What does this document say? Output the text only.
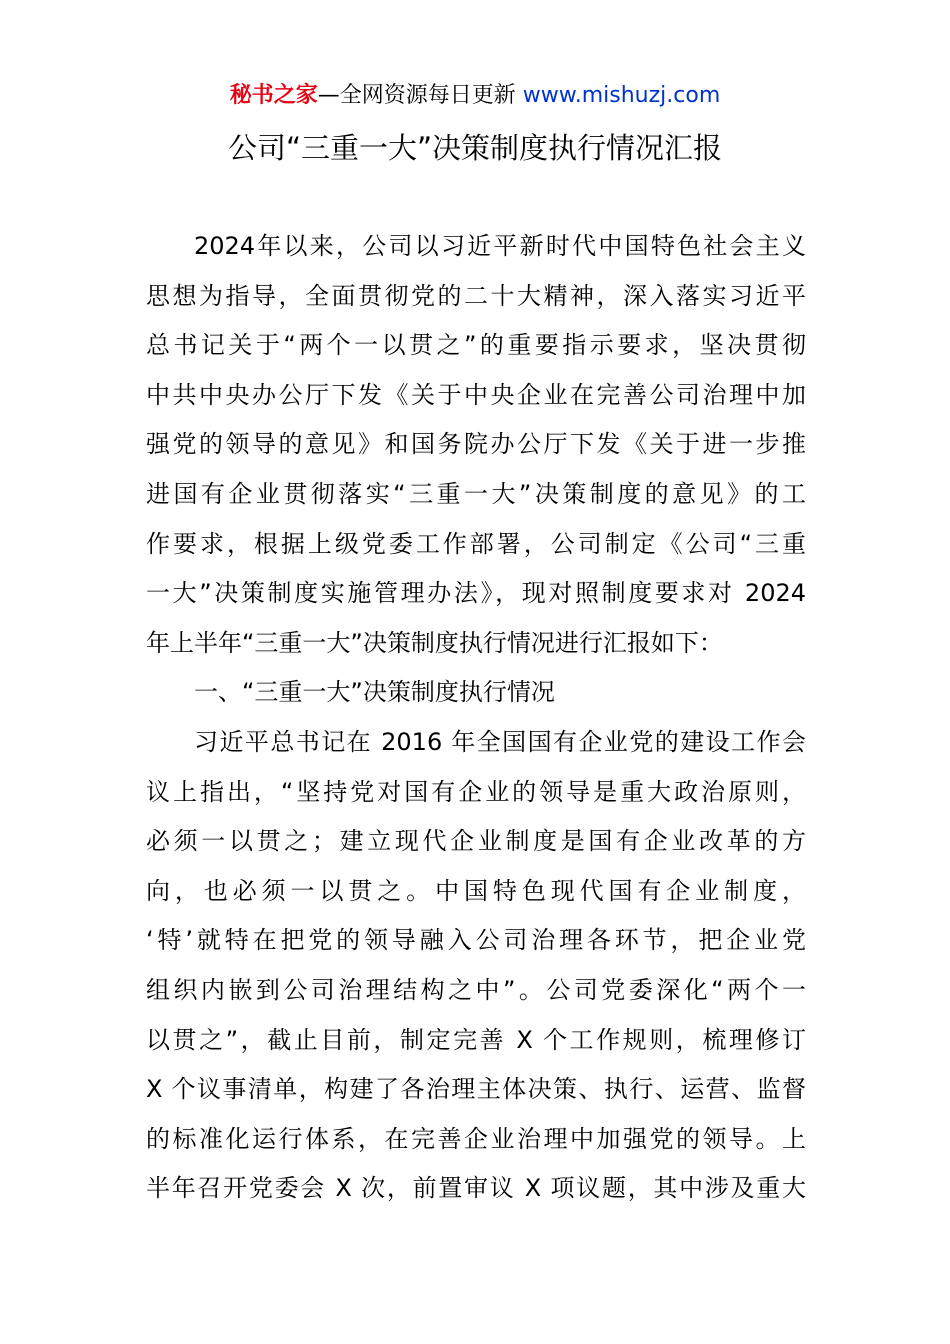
秘书之家—全网资源每日更新 www.mishuzj.com
公司“三重一大”决策制度执行情况汇报
2024年以来，公司以习近平新时代中国特色社会主义
思想为指导，全面贯彻党的二十大精神，深入落实习近平
总书记关于“两个一以贯之”的重要指示要求，坚决贯彻
中共中央办公厅下发《关于中央企业在完善公司治理中加
强党的领导的意见》和国务院办公厅下发《关于进一步推
进国有企业贯彻落实“三重一大”决策制度的意见》的工
作要求，根据上级党委工作部署，公司制定《公司“三重
一大”决策制度实施管理办法》，现对照制度要求对 2024
年上半年“三重一大”决策制度执行情况进行汇报如下：
一、“三重一大”决策制度执行情况
习近平总书记在 2016 年全国国有企业党的建设工作会
议上指出，“坚持党对国有企业的领导是重大政治原则，
必须一以贯之；建立现代企业制度是国有企业改革的方
向，也必须一以贯之。中国特色现代国有企业制度，
‘特’就特在把党的领导融入公司治理各环节，把企业党
组织内嵌到公司治理结构之中”。公司党委深化“两个一
以贯之”，截止目前，制定完善 X 个工作规则，梳理修订
X 个议事清单，构建了各治理主体决策、执行、运营、监督
的标准化运行体系，在完善企业治理中加强党的领导。上
半年召开党委会 X 次，前置审议 X 项议题，其中涉及重大
